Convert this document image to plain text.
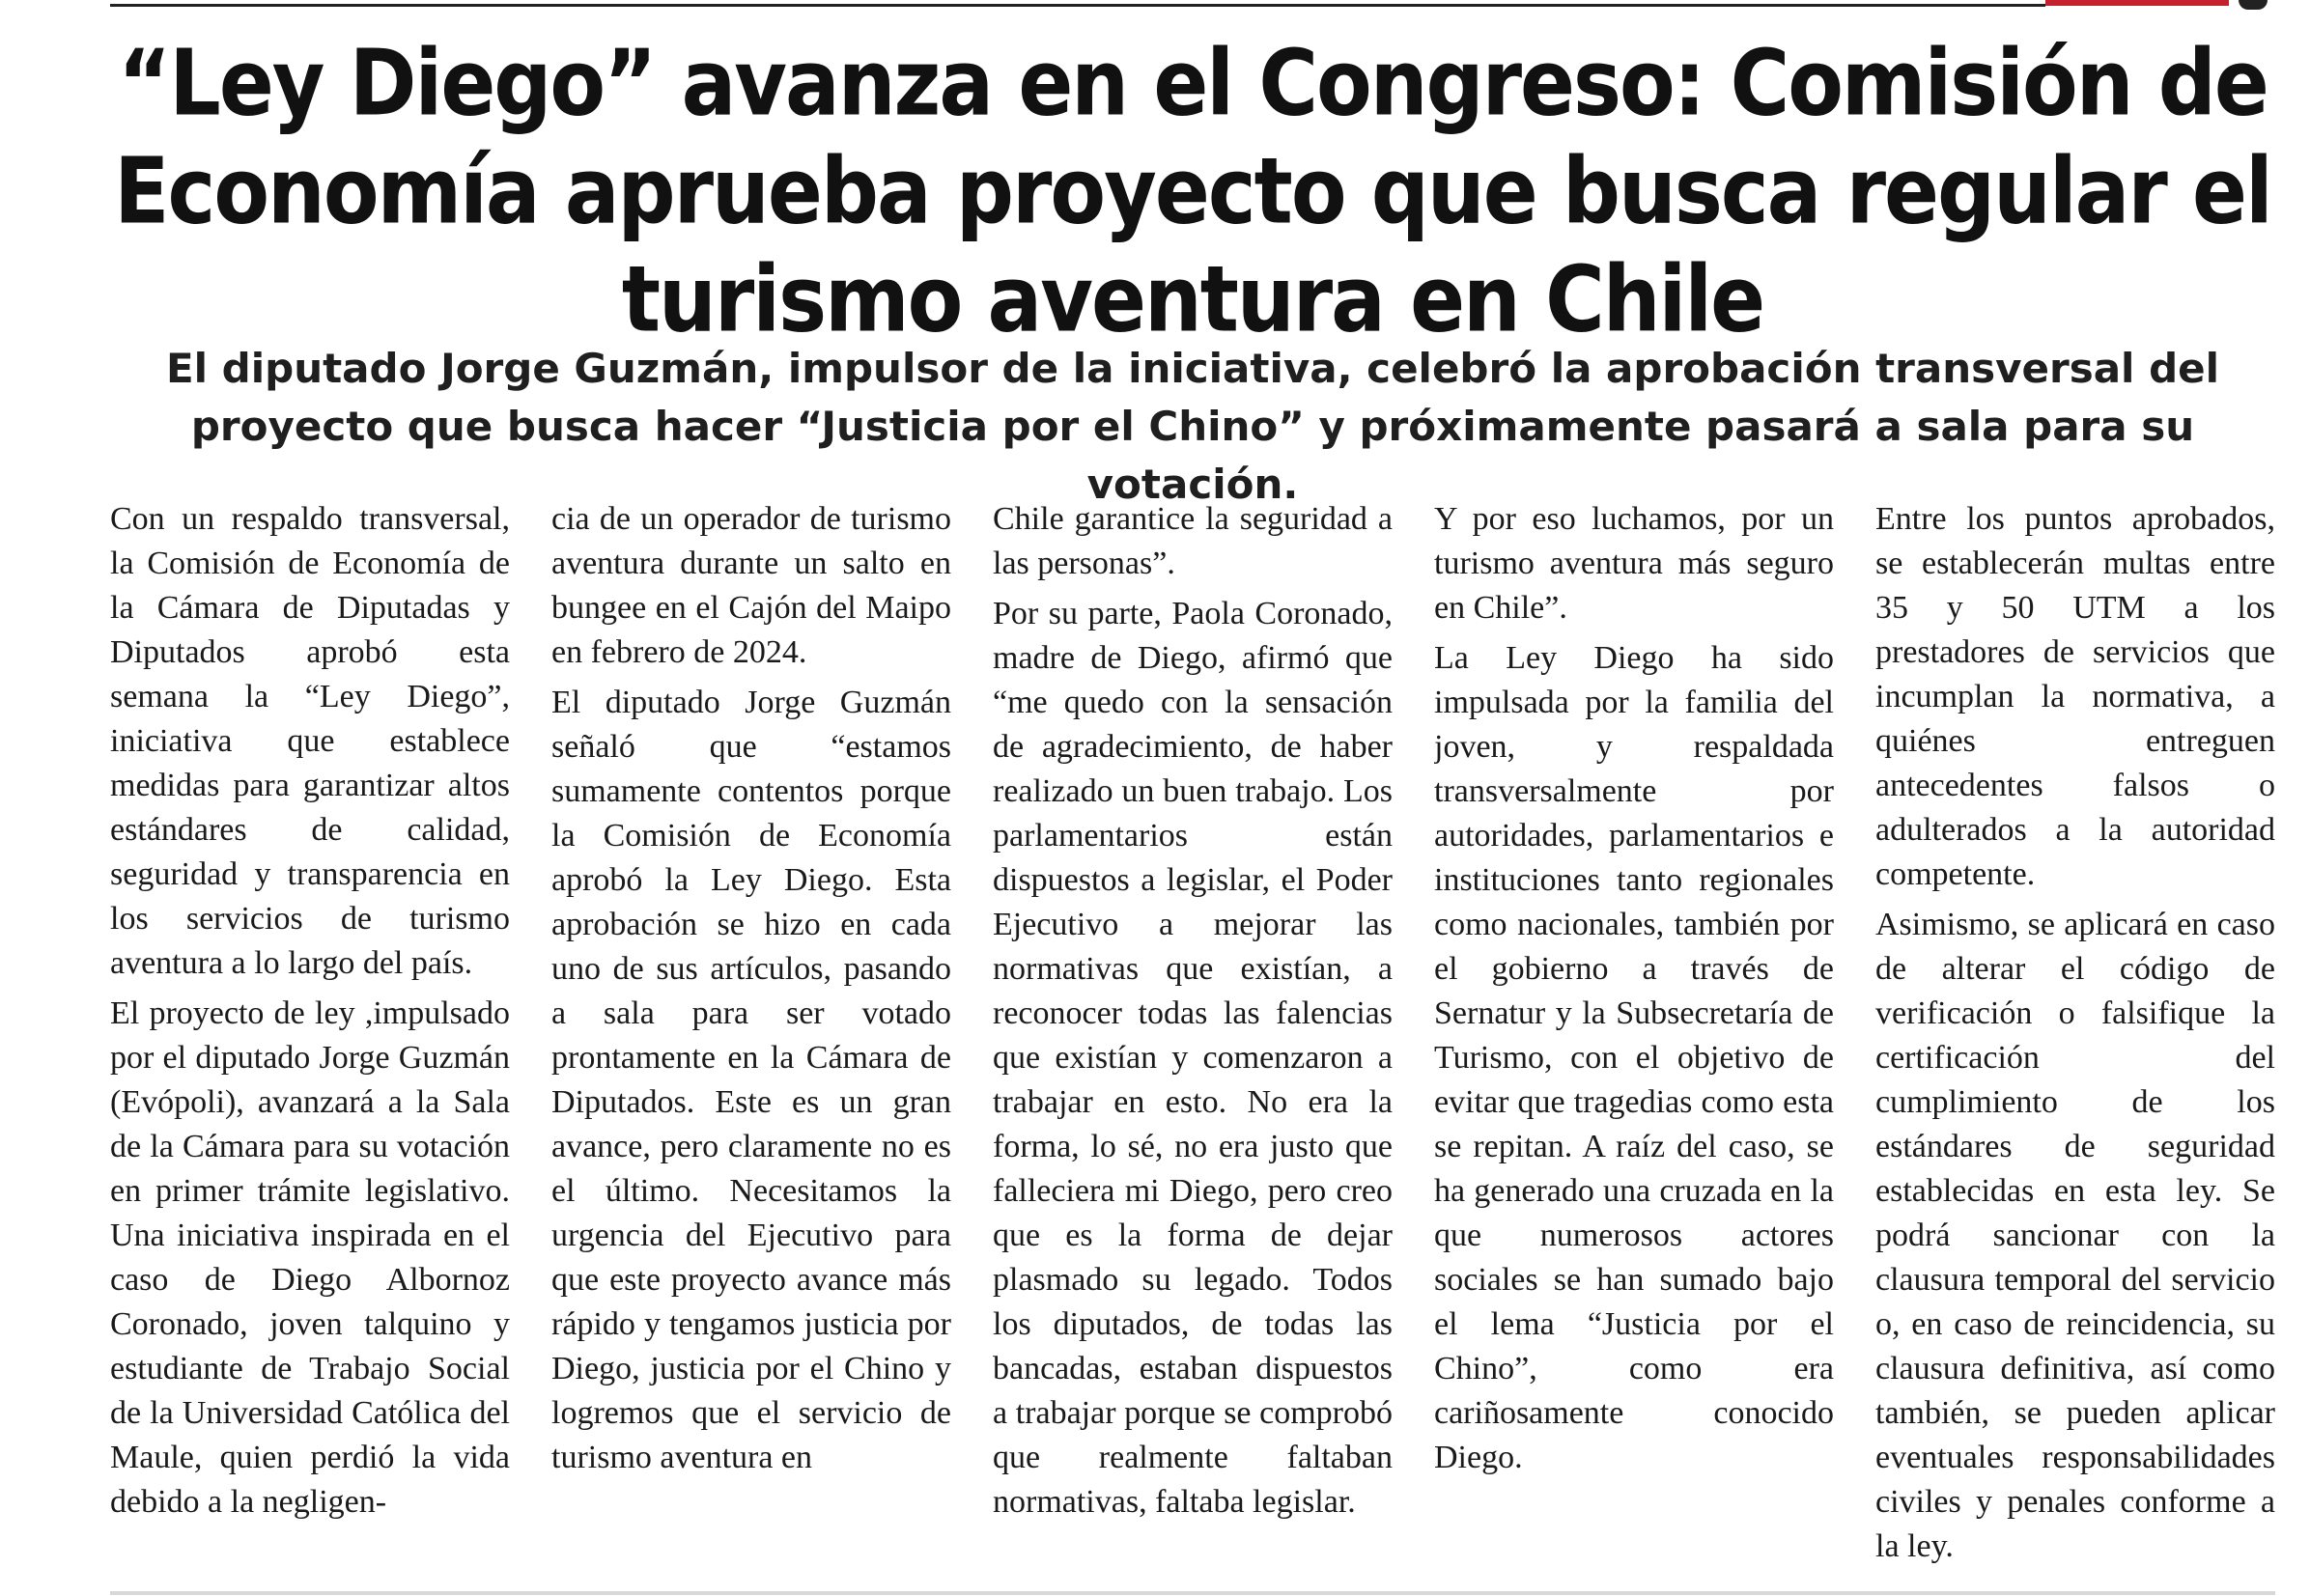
“Ley Diego” avanza en el Congreso: Comisión de Economía aprueba proyecto que busca regular el turismo aventura en Chile
El diputado Jorge Guzmán, impulsor de la iniciativa, celebró la aprobación transversal del proyecto que busca hacer “Justicia por el Chino” y próximamente pasará a sala para su votación.

Con un respaldo transversal, la Comisión de Economía de la Cámara de Diputadas y Diputados aprobó esta semana la “Ley Diego”, iniciativa que establece medidas para garantizar altos estándares de calidad, seguridad y transparencia en los servicios de turismo aventura a lo largo del país.

El proyecto de ley ,impulsado por el diputado Jorge Guzmán (Evópoli), avanzará a la Sala de la Cámara para su votación en primer trámite legislativo. Una iniciativa inspirada en el caso de Diego Albornoz Coronado, joven talquino y estudiante de Trabajo Social de la Universidad Católica del Maule, quien perdió la vida debido a la negligen-

cia de un operador de turismo aventura durante un salto en bungee en el Cajón del Maipo en febrero de 2024.

El diputado Jorge Guzmán señaló que “estamos sumamente contentos porque la Comisión de Economía aprobó la Ley Diego. Esta aprobación se hizo en cada uno de sus artículos, pasando a sala para ser votado prontamente en la Cámara de Diputados. Este es un gran avance, pero claramente no es el último. Necesitamos la urgencia del Ejecutivo para que este proyecto avance más rápido y tengamos justicia por Diego, justicia por el Chino y logremos que el servicio de turismo aventura en

Chile garantice la seguridad a las personas”.

Por su parte, Paola Coronado, madre de Diego, afirmó que “me quedo con la sensación de agradecimiento, de haber realizado un buen trabajo. Los parlamentarios están dispuestos a legislar, el Poder Ejecutivo a mejorar las normativas que existían, a reconocer todas las falencias que existían y comenzaron a trabajar en esto. No era la forma, lo sé, no era justo que falleciera mi Diego, pero creo que es la forma de dejar plasmado su legado. Todos los diputados, de todas las bancadas, estaban dispuestos a trabajar porque se comprobó que realmente faltaban normativas, faltaba legislar.

Y por eso luchamos, por un turismo aventura más seguro en Chile”.

La Ley Diego ha sido impulsada por la familia del joven, y respaldada transversalmente por autoridades, parlamentarios e instituciones tanto regionales como nacionales, también por el gobierno a través de Sernatur y la Subsecretaría de Turismo, con el objetivo de evitar que tragedias como esta se repitan. A raíz del caso, se ha generado una cruzada en la que numerosos actores sociales se han sumado bajo el lema “Justicia por el Chino”, como era cariñosamente conocido Diego.

Entre los puntos aprobados, se establecerán multas entre 35 y 50 UTM a los prestadores de servicios que incumplan la normativa, a quiénes entreguen antecedentes falsos o adulterados a la autoridad competente.

Asimismo, se aplicará en caso de alterar el código de verificación o falsifique la certificación del cumplimiento de los estándares de seguridad establecidas en esta ley. Se podrá sancionar con la clausura temporal del servicio o, en caso de reincidencia, su clausura definitiva, así como también, se pueden aplicar eventuales responsabilidades civiles y penales conforme a la ley.
